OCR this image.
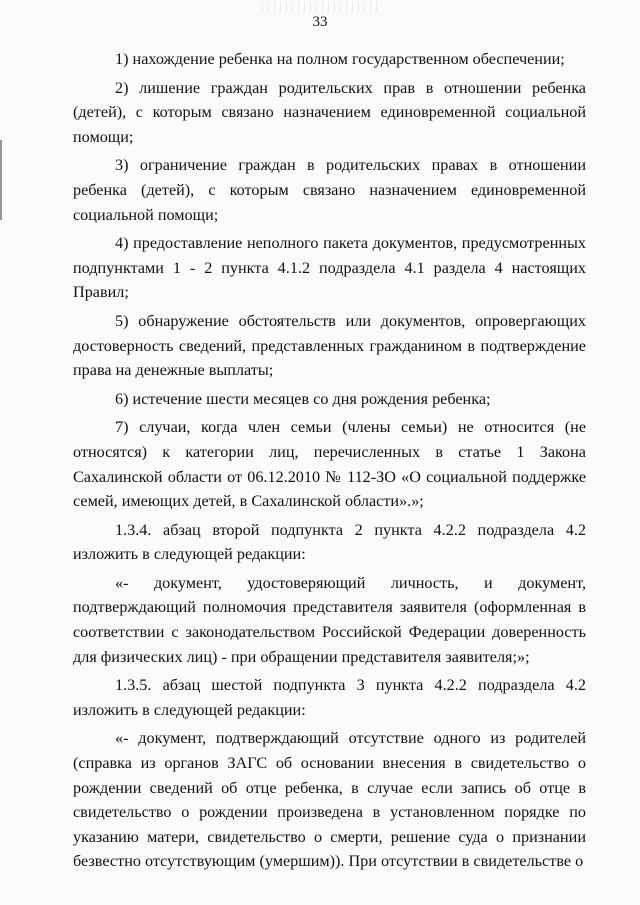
33

1) нахождение ребенка на полном государственном обеспечении;

2) лишение граждан родительских прав в отношении ребенка (детей), с которым связано назначением единовременной социальной помощи;

3) ограничение граждан в родительских правах в отношении ребенка (детей), с которым связано назначением единовременной социальной помощи;

4) предоставление неполного пакета документов, предусмотренных подпунктами 1 - 2 пункта 4.1.2 подраздела 4.1 раздела 4 настоящих Правил;

5) обнаружение обстоятельств или документов, опровергающих достоверность сведений, представленных гражданином в подтверждение права на денежные выплаты;

6) истечение шести месяцев со дня рождения ребенка;

7) случаи, когда член семьи (члены семьи) не относится (не относятся) к категории лиц, перечисленных в статье 1 Закона Сахалинской области от 06.12.2010 № 112-ЗО «О социальной поддержке семей, имеющих детей, в Сахалинской области».»;

1.3.4. абзац второй подпункта 2 пункта 4.2.2 подраздела 4.2 изложить в следующей редакции:

«- документ, удостоверяющий личность, и документ, подтверждающий полномочия представителя заявителя (оформленная в соответствии с законодательством Российской Федерации доверенность для физических лиц) - при обращении представителя заявителя;»;

1.3.5. абзац шестой подпункта 3 пункта 4.2.2 подраздела 4.2 изложить в следующей редакции:

«- документ, подтверждающий отсутствие одного из родителей (справка из органов ЗАГС об основании внесения в свидетельство о рождении сведений об отце ребенка, в случае если запись об отце в свидетельство о рождении произведена в установленном порядке по указанию матери, свидетельство о смерти, решение суда о признании безвестно отсутствующим (умершим)). При отсутствии в свидетельстве о
